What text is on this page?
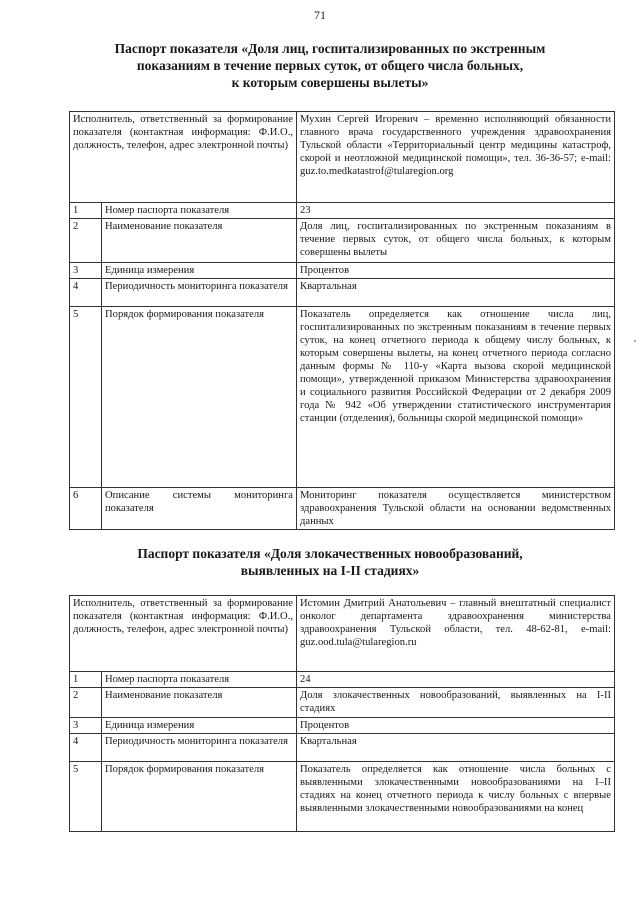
71
Паспорт показателя «Доля лиц, госпитализированных по экстренным
показаниям в течение первых суток, от общего числа больных,
к которым совершены вылеты»
Исполнитель, ответственный за формирование показателя (контактная информация: Ф.И.О., должность, телефон, адрес электронной почты)		Мухин Сергей Игоревич – временно исполняющий обязанности главного врача государственного учреждения здравоохранения Тульской области «Территориальный центр медицины катастроф, скорой и неотложной медицинской помощи», тел. 36-36-57; e-mail: guz.to.medkatastrof@tularegion.org
1	Номер паспорта показателя	23
2	Наименование показателя	Доля лиц, госпитализированных по экстренным показаниям в течение первых суток, от общего числа больных, к которым совершены вылеты
3	Единица измерения	Процентов
4	Периодичность мониторинга показателя	Квартальная
5	Порядок формирования показателя	Показатель определяется как отношение числа лиц, госпитализированных по экстренным показаниям в течение первых суток, на конец отчетного периода к общему числу больных, к которым совершены вылеты, на конец отчетного периода согласно данным формы № 110-у «Карта вызова скорой медицинской помощи», утвержденной приказом Министерства здравоохранения и социального развития Российской Федерации от 2 декабря 2009 года № 942 «Об утверждении статистического инструментария станции (отделения), больницы скорой медицинской помощи»
6	Описание системы мониторинга показателя	Мониторинг показателя осуществляется министерством здравоохранения Тульской области на основании ведомственных данных
Паспорт показателя «Доля злокачественных новообразований,
выявленных на I-II стадиях»
Исполнитель, ответственный за формирование показателя (контактная информация: Ф.И.О., должность, телефон, адрес электронной почты)		Истомин Дмитрий Анатольевич – главный внештатный специалист онколог департамента здравоохранения министерства здравоохранения Тульской области, тел. 48-62-81, e-mail: guz.ood.tula@tularegion.ru
1	Номер паспорта показателя	24
2	Наименование показателя	Доля злокачественных новообразований, выявленных на I-II стадиях
3	Единица измерения	Процентов
4	Периодичность мониторинга показателя	Квартальная
5	Порядок формирования показателя	Показатель определяется как отношение числа больных с выявленными злокачественными новообразованиями на I–II стадиях на конец отчетного периода к числу больных с впервые выявленными злокачественными новообразованиями на конец
